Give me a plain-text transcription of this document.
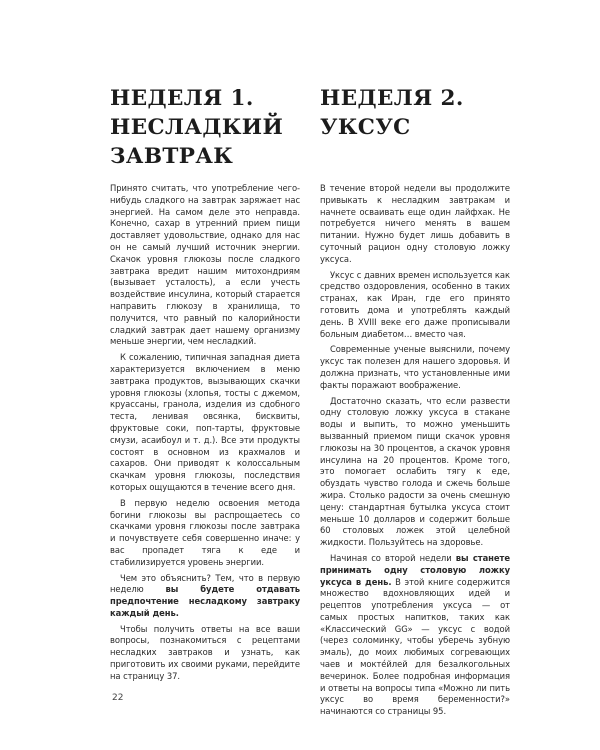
НЕДЕЛЯ 1.
НЕСЛАДКИЙ
ЗАВТРАК

Принято считать, что употребление чего-нибудь сладкого на завтрак заряжает нас энергией. На самом деле это неправда. Конечно, сахар в утренний прием пищи доставляет удовольствие, однако для нас он не самый лучший источник энергии. Скачок уровня глюкозы после сладкого завтрака вредит нашим митохондриям (вызывает усталость), а если учесть воздействие инсулина, который старается направить глюкозу в хранилища, то получится, что равный по калорийности сладкий завтрак дает нашему организму меньше энергии, чем несладкий.

К сожалению, типичная западная диета характеризуется включением в меню завтрака продуктов, вызывающих скачки уровня глюкозы (хлопья, тосты с джемом, круассаны, гранола, изделия из сдобного теста, ленивая овсянка, бисквиты, фруктовые соки, поп-тарты, фруктовые смузи, асаибоул и т. д.). Все эти продукты состоят в основном из крахмалов и сахаров. Они приводят к колоссальным скачкам уровня глюкозы, последствия которых ощущаются в течение всего дня.

В первую неделю освоения метода богини глюкозы вы распрощаетесь со скачками уровня глюкозы после завтрака и почувствуете себя совершенно иначе: у вас пропадет тяга к еде и стабилизируется уровень энергии.

Чем это объяснить? Тем, что в первую неделю вы будете отдавать предпочтение несладкому завтраку каждый день.

Чтобы получить ответы на все ваши вопросы, познакомиться с рецептами несладких завтраков и узнать, как приготовить их своими руками, перейдите на страницу 37.

НЕДЕЛЯ 2.
УКСУС

В течение второй недели вы продолжите привыкать к несладким завтракам и начнете осваивать еще один лайфхак. Не потребуется ничего менять в вашем питании. Нужно будет лишь добавить в суточный рацион одну столовую ложку уксуса.

Уксус с давних времен используется как средство оздоровления, особенно в таких странах, как Иран, где его принято готовить дома и употреблять каждый день. В XVIII веке его даже прописывали больным диабетом… вместо чая.

Современные ученые выяснили, почему уксус так полезен для нашего здоровья. И должна признать, что установленные ими факты поражают воображение.

Достаточно сказать, что если развести одну столовую ложку уксуса в стакане воды и выпить, то можно уменьшить вызванный приемом пищи скачок уровня глюкозы на 30 процентов, а скачок уровня инсулина на 20 процентов. Кроме того, это помогает ослабить тягу к еде, обуздать чувство голода и сжечь больше жира. Столько радости за очень смешную цену: стандартная бутылка уксуса стоит меньше 10 долларов и содержит больше 60 столовых ложек этой целебной жидкости. Пользуйтесь на здоровье.

Начиная со второй недели вы станете принимать одну столовую ложку уксуса в день. В этой книге содержится множество вдохновляющих идей и рецептов употребления уксуса — от самых простых напитков, таких как «Классический GG» — уксус с водой (через соломинку, чтобы уберечь зубную эмаль), до моих любимых согревающих чаев и мокте́йлей для безалкогольных вечеринок. Более подробная информация и ответы на вопросы типа «Можно ли пить уксус во время беременности?» начинаются со страницы 95.

22
